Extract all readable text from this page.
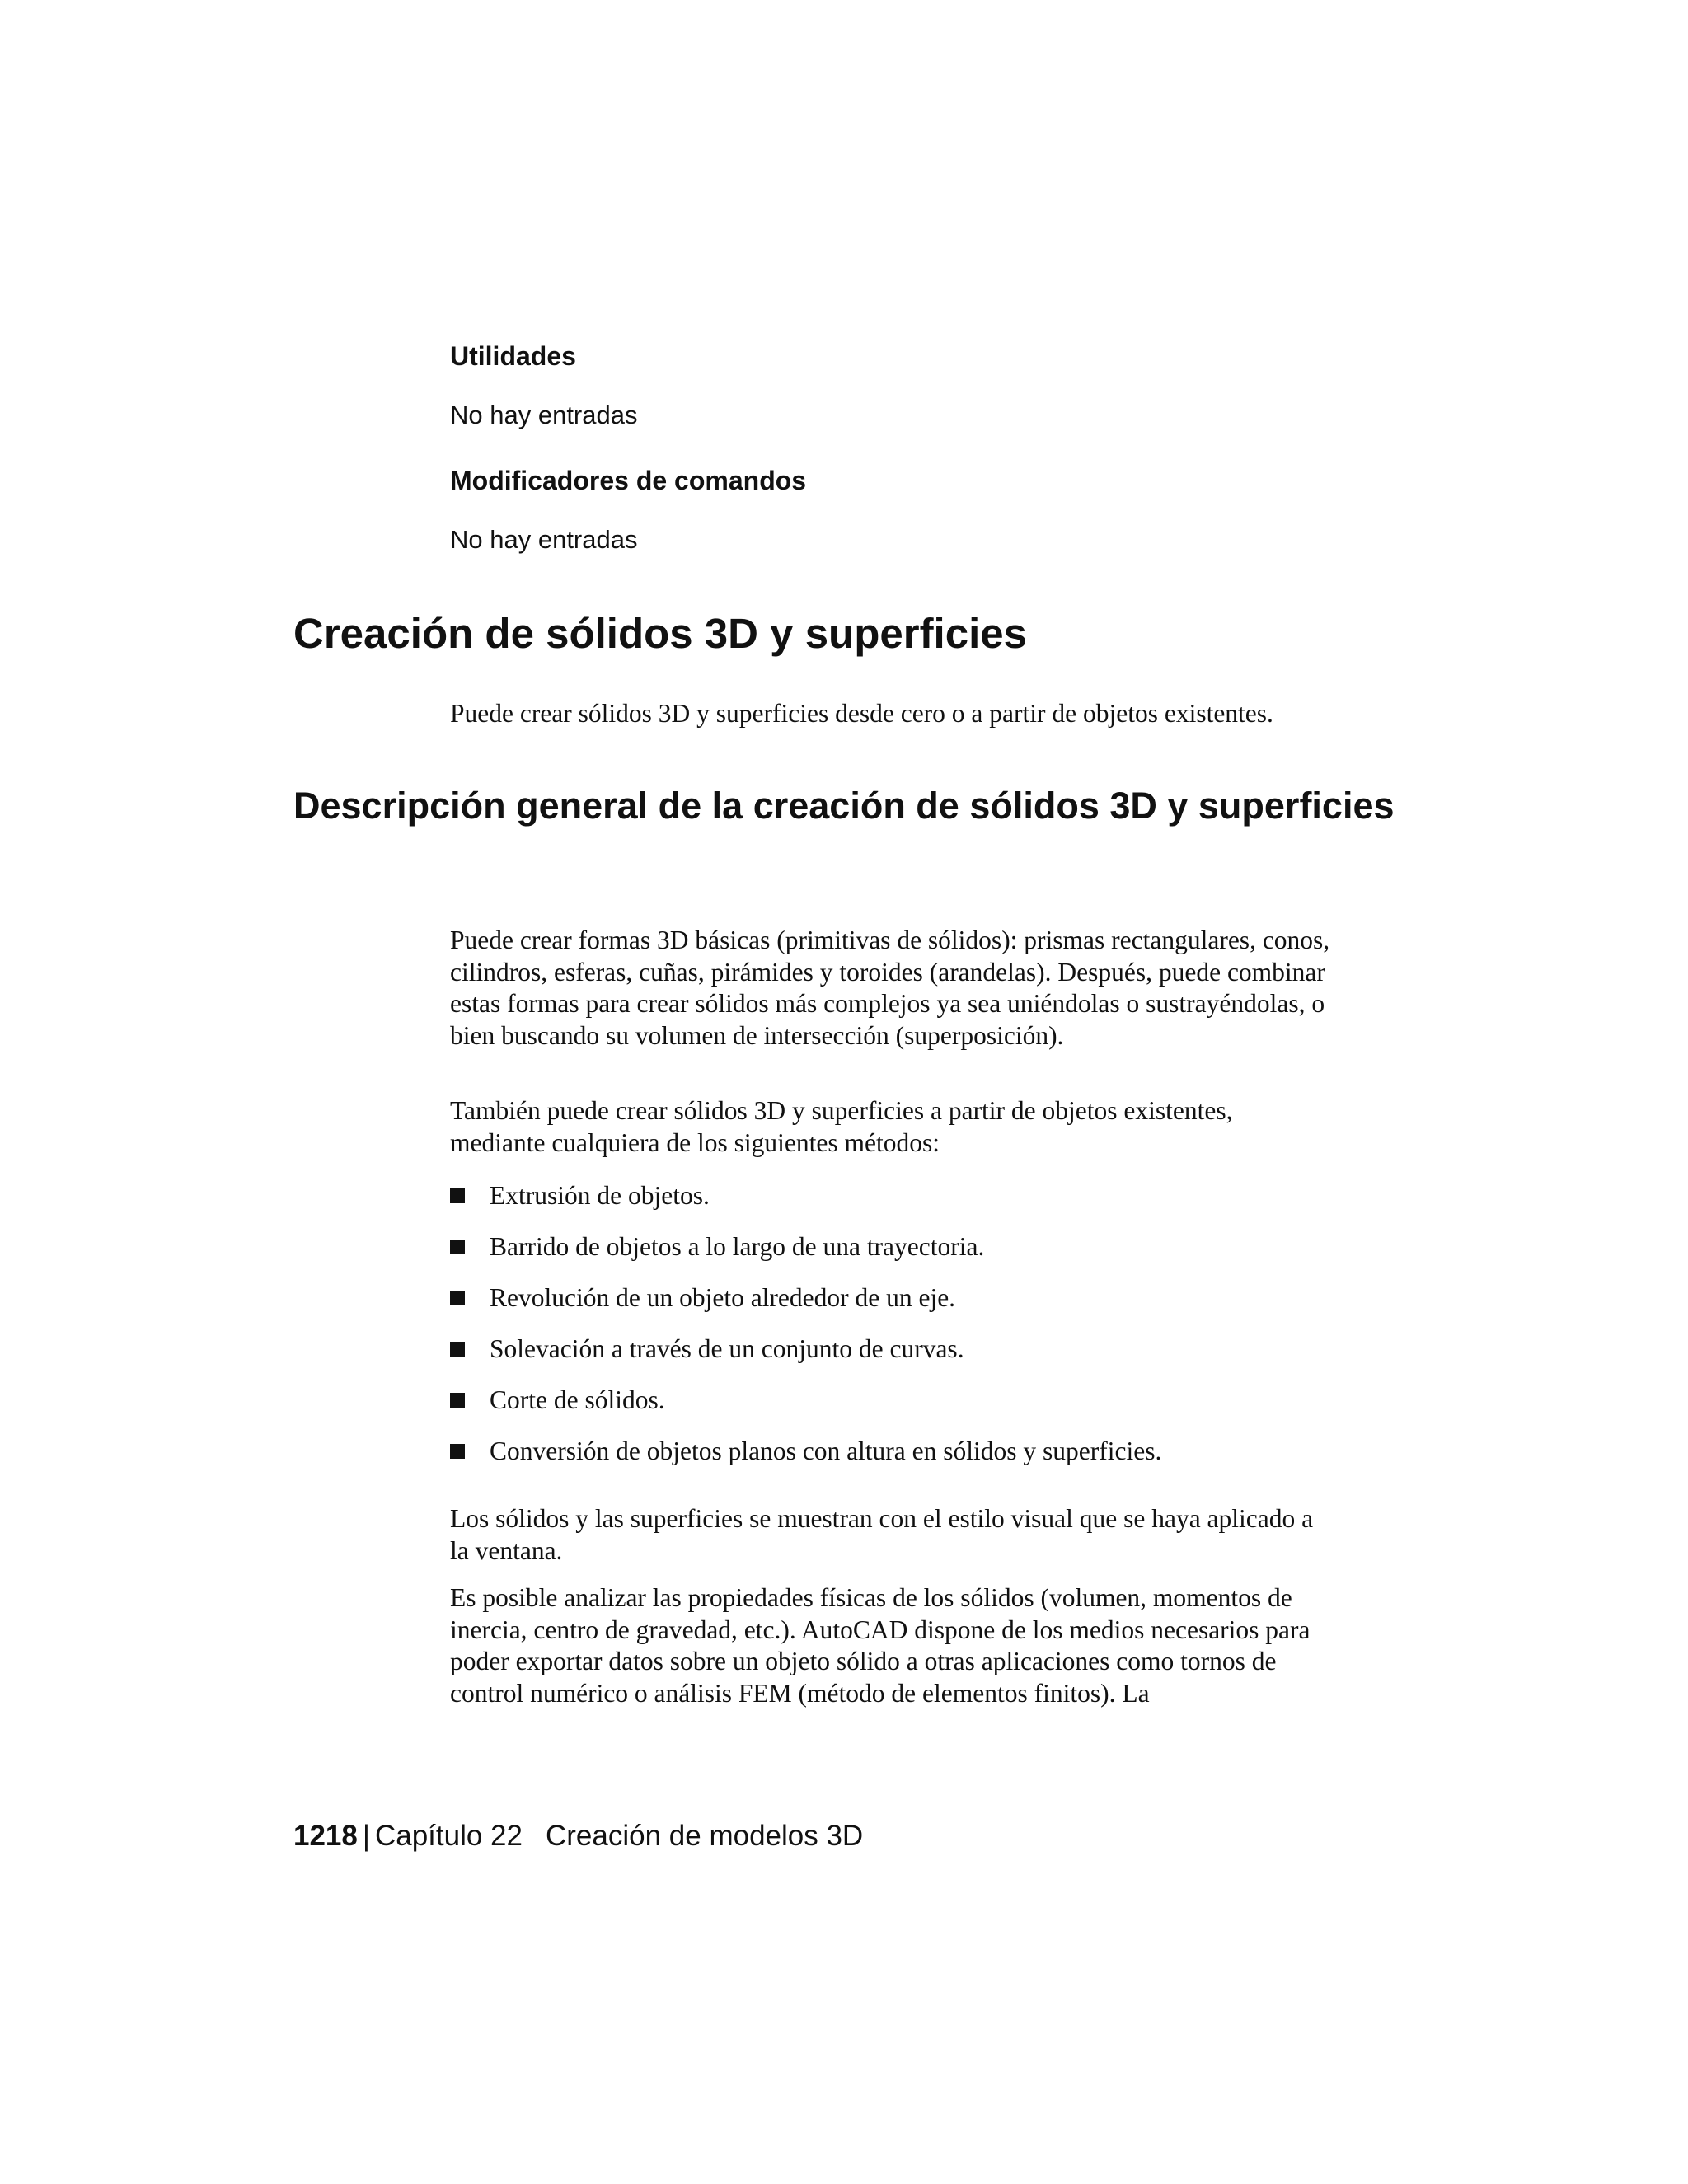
Utilidades

No hay entradas

Modificadores de comandos

No hay entradas

Creación de sólidos 3D y superficies

Puede crear sólidos 3D y superficies desde cero o a partir de objetos existentes.

Descripción general de la creación de sólidos 3D y superficies

Puede crear formas 3D básicas (primitivas de sólidos): prismas rectangulares, conos, cilindros, esferas, cuñas, pirámides y toroides (arandelas). Después, puede combinar estas formas para crear sólidos más complejos ya sea uniéndolas o sustrayéndolas, o bien buscando su volumen de intersección (superposición).

También puede crear sólidos 3D y superficies a partir de objetos existentes, mediante cualquiera de los siguientes métodos:

Extrusión de objetos.
Barrido de objetos a lo largo de una trayectoria.
Revolución de un objeto alrededor de un eje.
Solevación a través de un conjunto de curvas.
Corte de sólidos.
Conversión de objetos planos con altura en sólidos y superficies.

Los sólidos y las superficies se muestran con el estilo visual que se haya aplicado a la ventana.

Es posible analizar las propiedades físicas de los sólidos (volumen, momentos de inercia, centro de gravedad, etc.). AutoCAD dispone de los medios necesarios para poder exportar datos sobre un objeto sólido a otras aplicaciones como tornos de control numérico o análisis FEM (método de elementos finitos). La

1218 | Capítulo 22 Creación de modelos 3D
